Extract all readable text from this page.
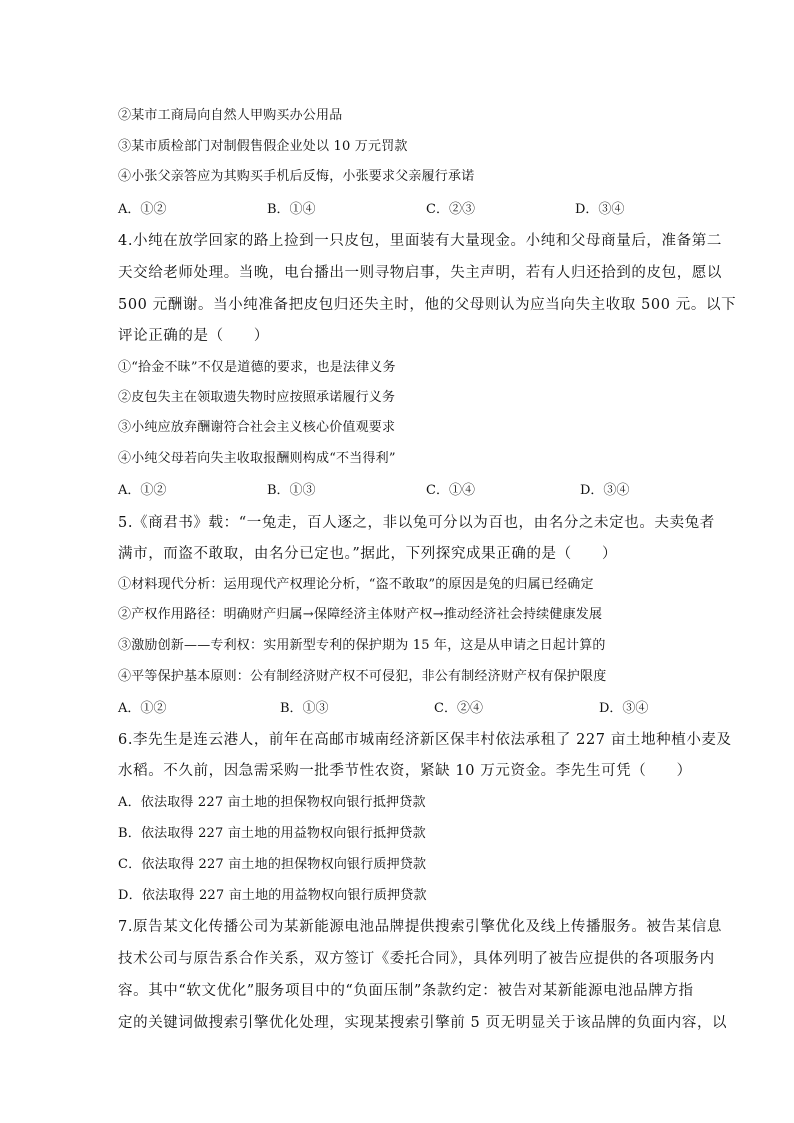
②某市工商局向自然人甲购买办公用品
③某市质检部门对制假售假企业处以 10 万元罚款
④小张父亲答应为其购买手机后反悔，小张要求父亲履行承诺
A．①②	B．①④	C．②③	D．③④
4.小纯在放学回家的路上捡到一只皮包，里面装有大量现金。小纯和父母商量后，准备第二
天交给老师处理。当晚，电台播出一则寻物启事，失主声明，若有人归还拾到的皮包，愿以
500 元酬谢。当小纯准备把皮包归还失主时，他的父母则认为应当向失主收取 500 元。以下
评论正确的是（　　）
①“拾金不昧”不仅是道德的要求，也是法律义务
②皮包失主在领取遗失物时应按照承诺履行义务
③小纯应放弃酬谢符合社会主义核心价值观要求
④小纯父母若向失主收取报酬则构成“不当得利”
A．①②	B．①③	C．①④	D．③④
5.《商君书》载：“一兔走，百人逐之，非以兔可分以为百也，由名分之未定也。夫卖兔者
满市，而盗不敢取，由名分已定也。”据此，下列探究成果正确的是（　　）
①材料现代分析：运用现代产权理论分析，“盗不敢取”的原因是兔的归属已经确定
②产权作用路径：明确财产归属→保障经济主体财产权→推动经济社会持续健康发展
③激励创新——专利权：实用新型专利的保护期为 15 年，这是从申请之日起计算的
④平等保护基本原则：公有制经济财产权不可侵犯，非公有制经济财产权有保护限度
A．①②	B．①③	C．②④	D．③④
6.李先生是连云港人，前年在高邮市城南经济新区保丰村依法承租了 227 亩土地种植小麦及
水稻。不久前，因急需采购一批季节性农资，紧缺 10 万元资金。李先生可凭（　　）
A．依法取得 227 亩土地的担保物权向银行抵押贷款
B．依法取得 227 亩土地的用益物权向银行抵押贷款
C．依法取得 227 亩土地的担保物权向银行质押贷款
D．依法取得 227 亩土地的用益物权向银行质押贷款
7.原告某文化传播公司为某新能源电池品牌提供搜索引擎优化及线上传播服务。被告某信息
技术公司与原告系合作关系，双方签订《委托合同》，具体列明了被告应提供的各项服务内
容。其中“软文优化”服务项目中的“负面压制”条款约定：被告对某新能源电池品牌方指
定的关键词做搜索引擎优化处理，实现某搜索引擎前 5 页无明显关于该品牌的负面内容，以
